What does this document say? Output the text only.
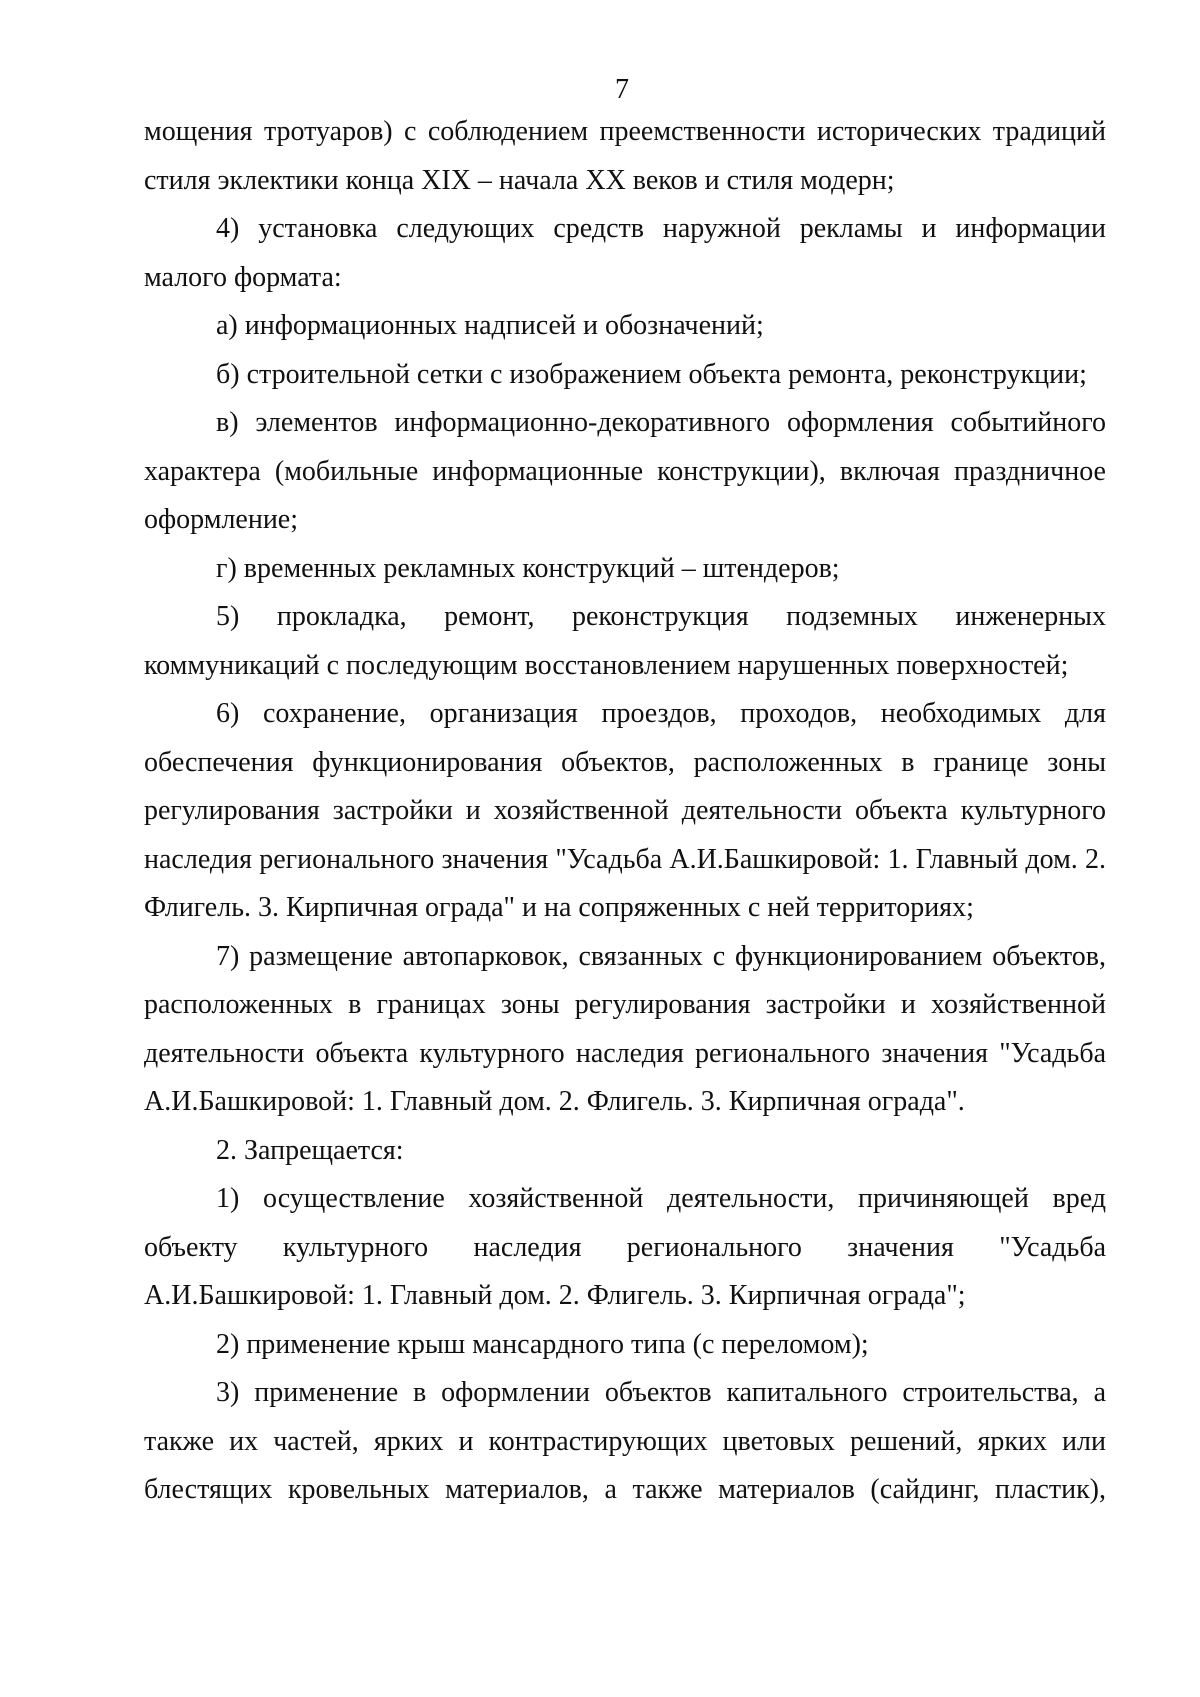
7

мощения тротуаров) с соблюдением преемственности исторических традиций стиля эклектики конца XIX – начала XX веков и стиля модерн;

4) установка следующих средств наружной рекламы и информации малого формата:

а) информационных надписей и обозначений;

б) строительной сетки с изображением объекта ремонта, реконструкции;

в) элементов информационно-декоративного оформления событийного характера (мобильные информационные конструкции), включая праздничное оформление;

г) временных рекламных конструкций – штендеров;

5) прокладка, ремонт, реконструкция подземных инженерных коммуникаций с последующим восстановлением нарушенных поверхностей;

6) сохранение, организация проездов, проходов, необходимых для обеспечения функционирования объектов, расположенных в границе зоны регулирования застройки и хозяйственной деятельности объекта культурного наследия регионального значения "Усадьба А.И.Башкировой: 1. Главный дом. 2. Флигель. 3. Кирпичная ограда" и на сопряженных с ней территориях;

7) размещение автопарковок, связанных с функционированием объектов, расположенных в границах зоны регулирования застройки и хозяйственной деятельности объекта культурного наследия регионального значения "Усадьба А.И.Башкировой: 1. Главный дом. 2. Флигель. 3. Кирпичная ограда".

2. Запрещается:

1) осуществление хозяйственной деятельности, причиняющей вред объекту культурного наследия регионального значения "Усадьба А.И.Башкировой: 1. Главный дом. 2. Флигель. 3. Кирпичная ограда";

2) применение крыш мансардного типа (с переломом);

3) применение в оформлении объектов капитального строительства, а также их частей, ярких и контрастирующих цветовых решений, ярких или блестящих кровельных материалов, а также материалов (сайдинг, пластик),
